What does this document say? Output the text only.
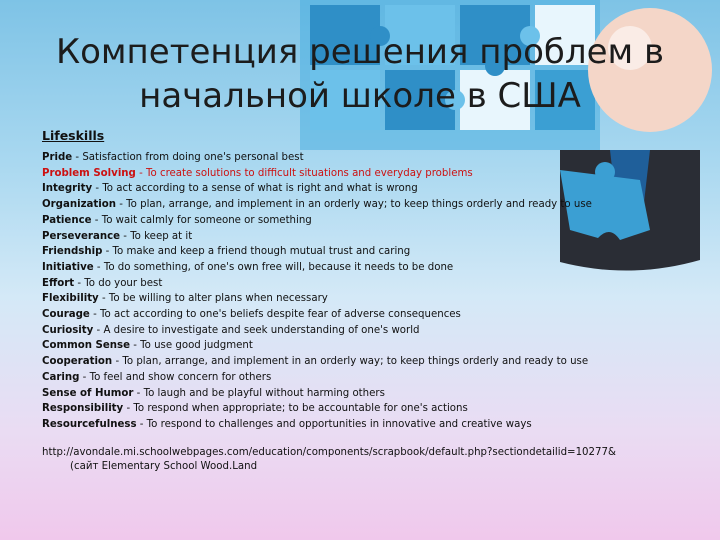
Компетенция решения проблем в начальной школе в США
Lifeskills
Pride - Satisfaction from doing one's personal best
Problem Solving - To create solutions to difficult situations and everyday problems
Integrity - To act according to a sense of what is right and what is wrong
Organization - To plan, arrange, and implement in an orderly way; to keep things orderly and ready to use
Patience - To wait calmly for someone or something
Perseverance - To keep at it
Friendship - To make and keep a friend though mutual trust and caring
Initiative - To do something, of one's own free will, because it needs to be done
Effort - To do your best
Flexibility - To be willing to alter plans when necessary
Courage - To act according to one's beliefs despite fear of adverse consequences
Curiosity - A desire to investigate and seek understanding of one's world
Common Sense - To use good judgment
Cooperation - To plan, arrange, and implement in an orderly way; to keep things orderly and ready to use
Caring - To feel and show concern for others
Sense of Humor - To laugh and be playful without harming others
Responsibility - To respond when appropriate; to be accountable for one's actions
Resourcefulness - To respond to challenges and opportunities in innovative and creative ways
http://avondale.mi.schoolwebpages.com/education/components/scrapbook/default.php?sectiondetailid=10277&
(сайт Elementary School Wood.Land
